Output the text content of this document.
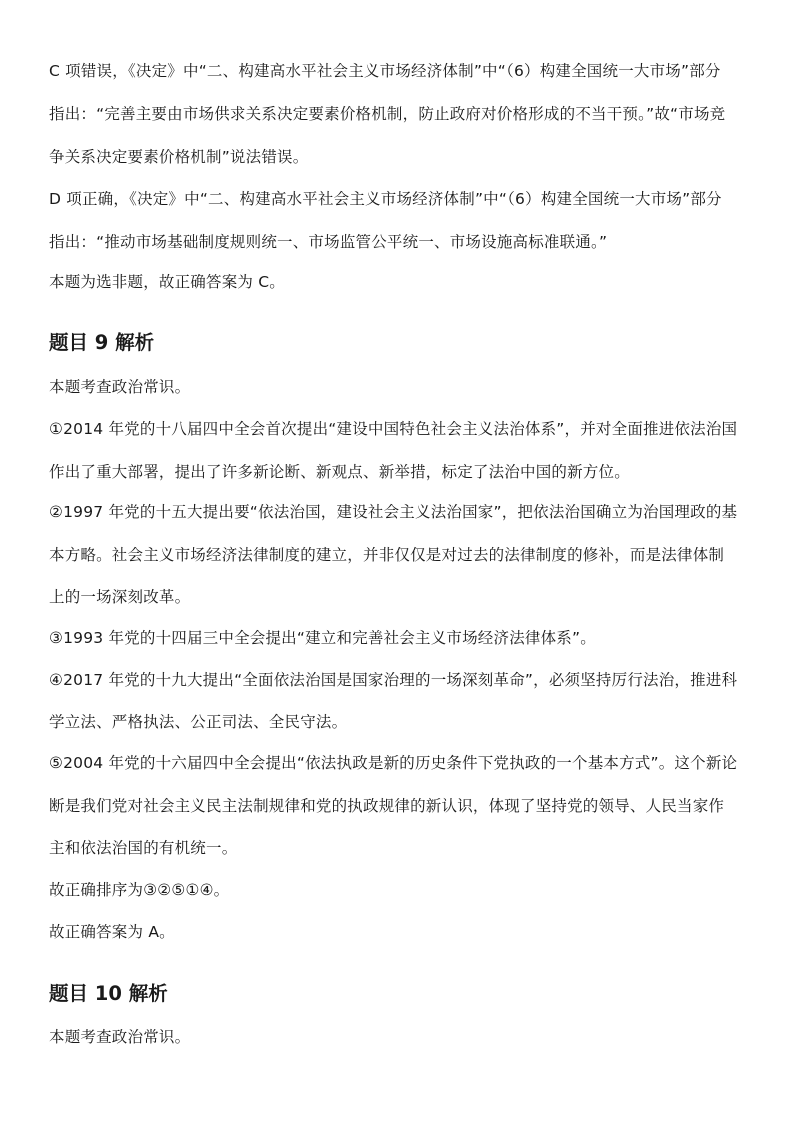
C 项错误，《决定》中“二、构建高水平社会主义市场经济体制”中“（6）构建全国统一大市场”部分
指出：“完善主要由市场供求关系决定要素价格机制，防止政府对价格形成的不当干预。”故“市场竞
争关系决定要素价格机制”说法错误。
D 项正确，《决定》中“二、构建高水平社会主义市场经济体制”中“（6）构建全国统一大市场”部分
指出：“推动市场基础制度规则统一、市场监管公平统一、市场设施高标准联通。”
本题为选非题，故正确答案为 C。
题目 9 解析
本题考查政治常识。
①2014 年党的十八届四中全会首次提出“建设中国特色社会主义法治体系”，并对全面推进依法治国
作出了重大部署，提出了许多新论断、新观点、新举措，标定了法治中国的新方位。
②1997 年党的十五大提出要“依法治国，建设社会主义法治国家”，把依法治国确立为治国理政的基
本方略。社会主义市场经济法律制度的建立，并非仅仅是对过去的法律制度的修补，而是法律体制
上的一场深刻改革。
③1993 年党的十四届三中全会提出“建立和完善社会主义市场经济法律体系”。
④2017 年党的十九大提出“全面依法治国是国家治理的一场深刻革命”，必须坚持厉行法治，推进科
学立法、严格执法、公正司法、全民守法。
⑤2004 年党的十六届四中全会提出“依法执政是新的历史条件下党执政的一个基本方式”。这个新论
断是我们党对社会主义民主法制规律和党的执政规律的新认识，体现了坚持党的领导、人民当家作
主和依法治国的有机统一。
故正确排序为③②⑤①④。
故正确答案为 A。
题目 10 解析
本题考查政治常识。
